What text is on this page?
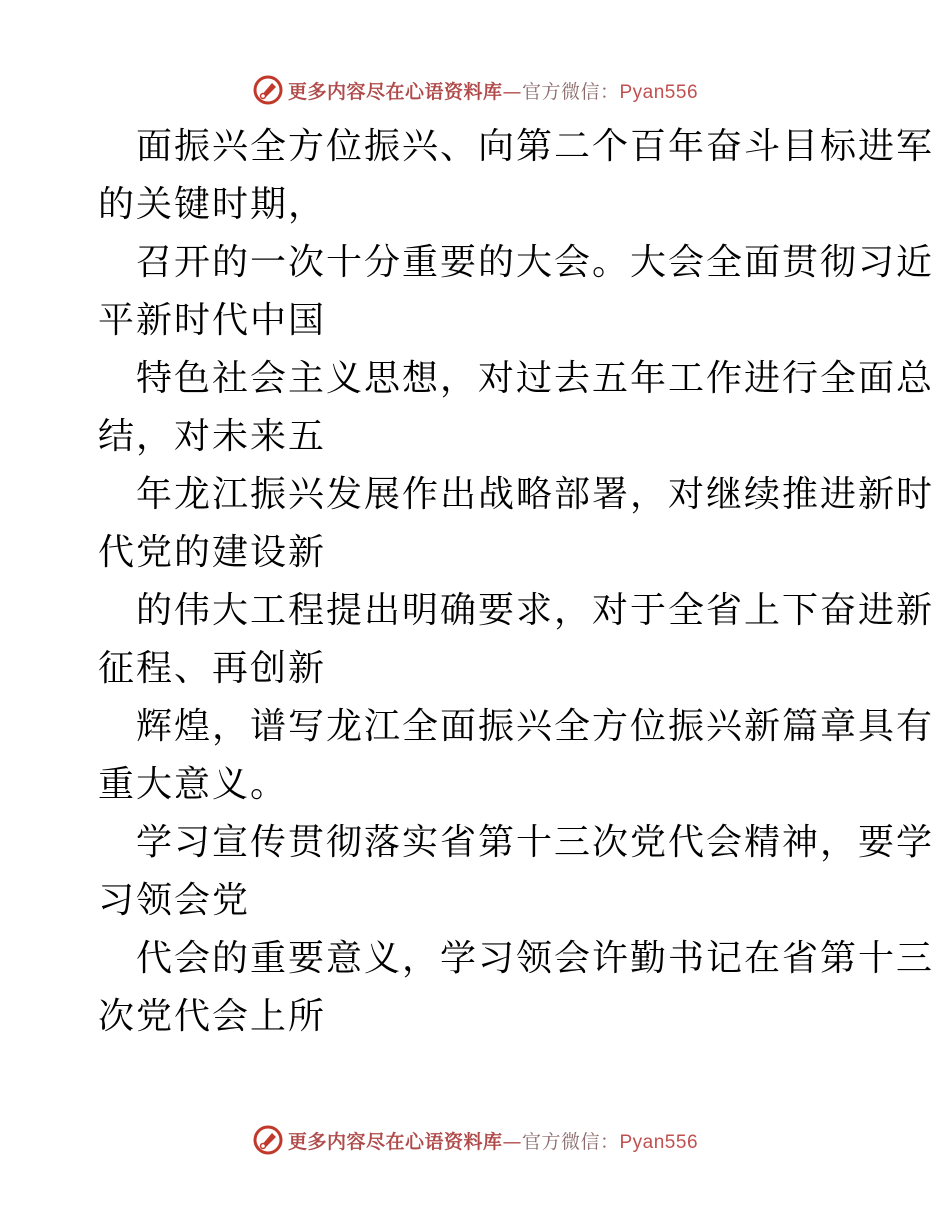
更多内容尽在心语资料库—官方微信：Pyan556

面振兴全方位振兴、向第二个百年奋斗目标进军
的关键时期，

召开的一次十分重要的大会。大会全面贯彻习近
平新时代中国

特色社会主义思想，对过去五年工作进行全面总
结，对未来五

年龙江振兴发展作出战略部署，对继续推进新时
代党的建设新

的伟大工程提出明确要求，对于全省上下奋进新
征程、再创新

辉煌，谱写龙江全面振兴全方位振兴新篇章具有
重大意义。

学习宣传贯彻落实省第十三次党代会精神，要学
习领会党

代会的重要意义，学习领会许勤书记在省第十三
次党代会上所

更多内容尽在心语资料库—官方微信：Pyan556
